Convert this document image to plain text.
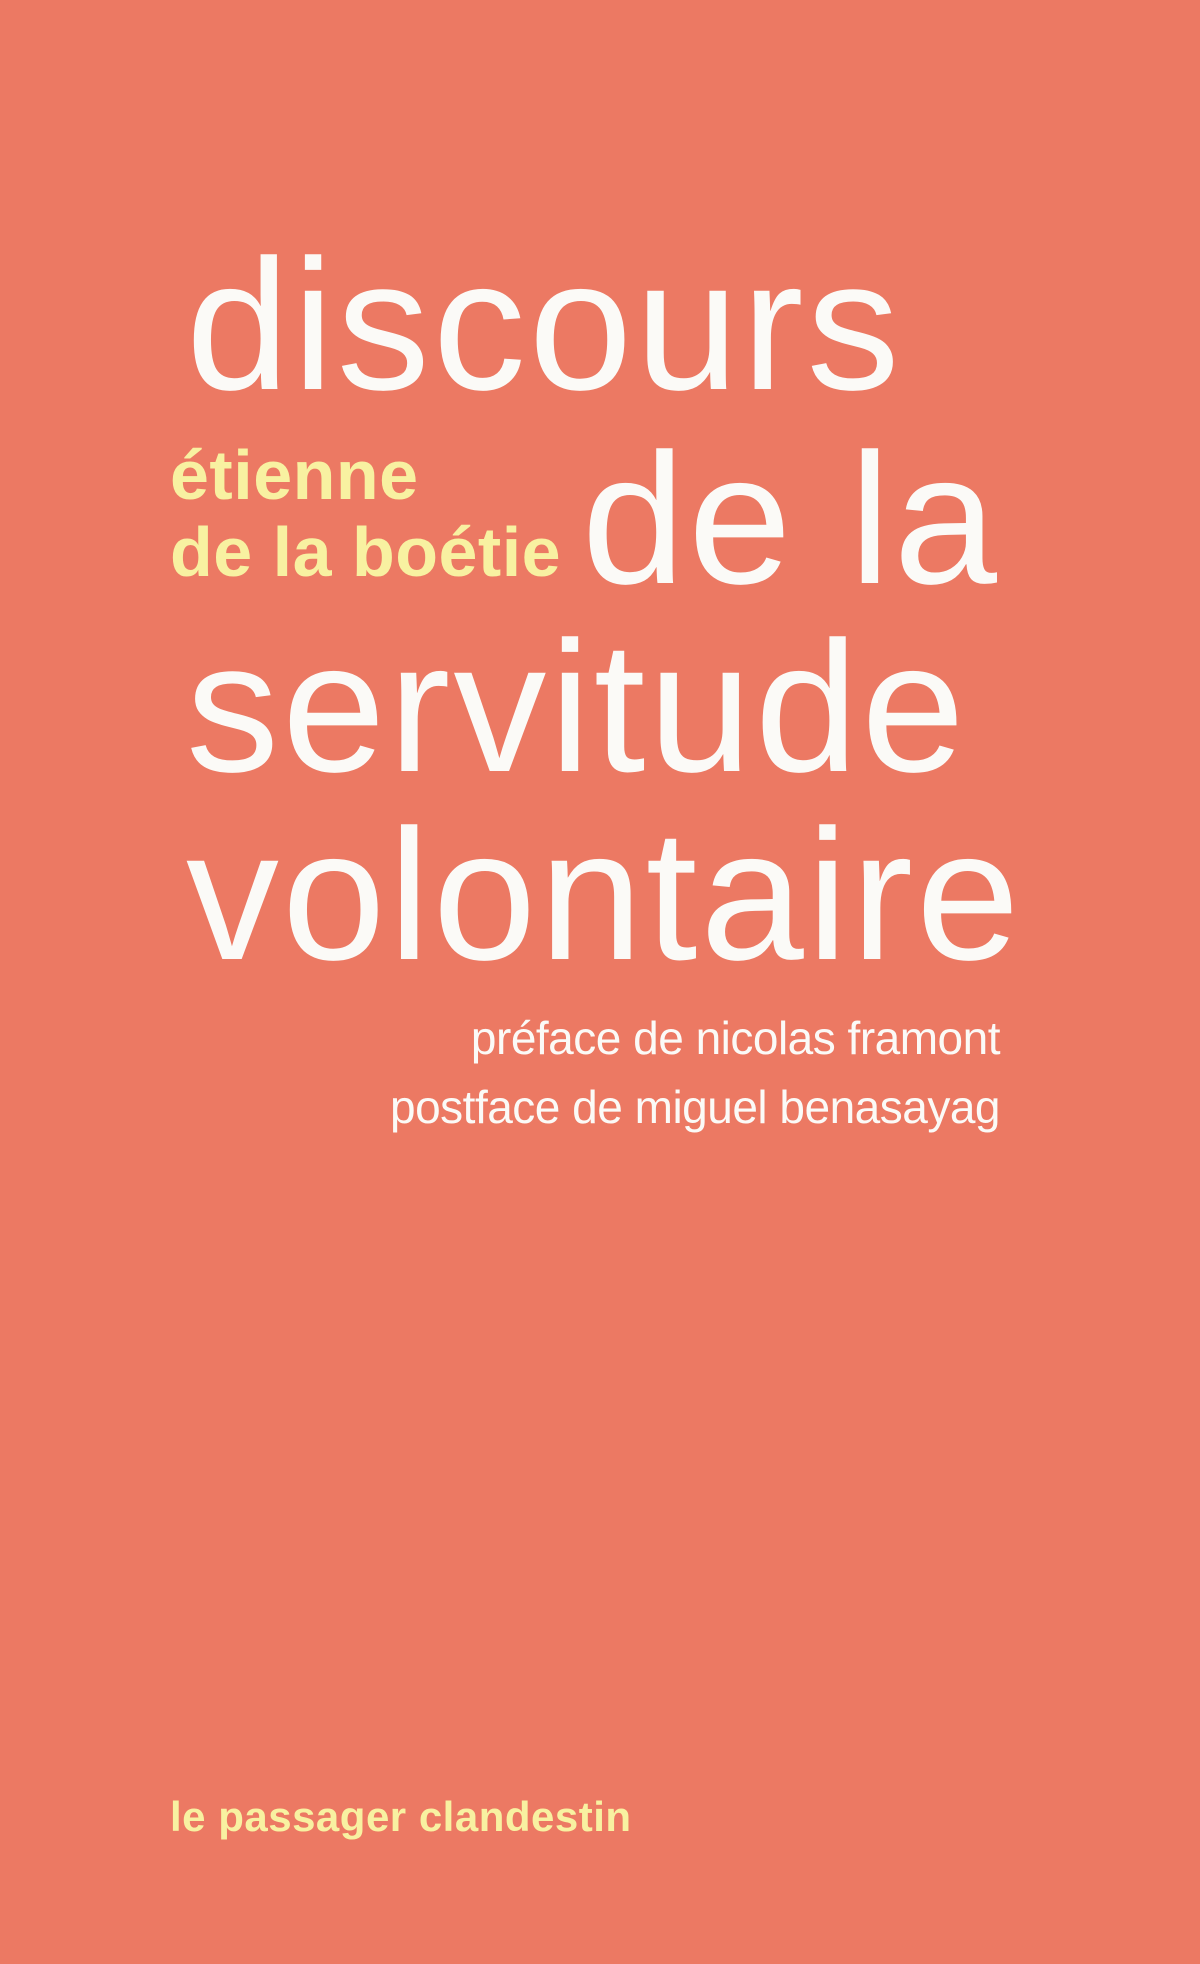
discours
étienne
de la boétie de la
servitude
volontaire
préface de nicolas framont
postface de miguel benasayag
le passager clandestin
